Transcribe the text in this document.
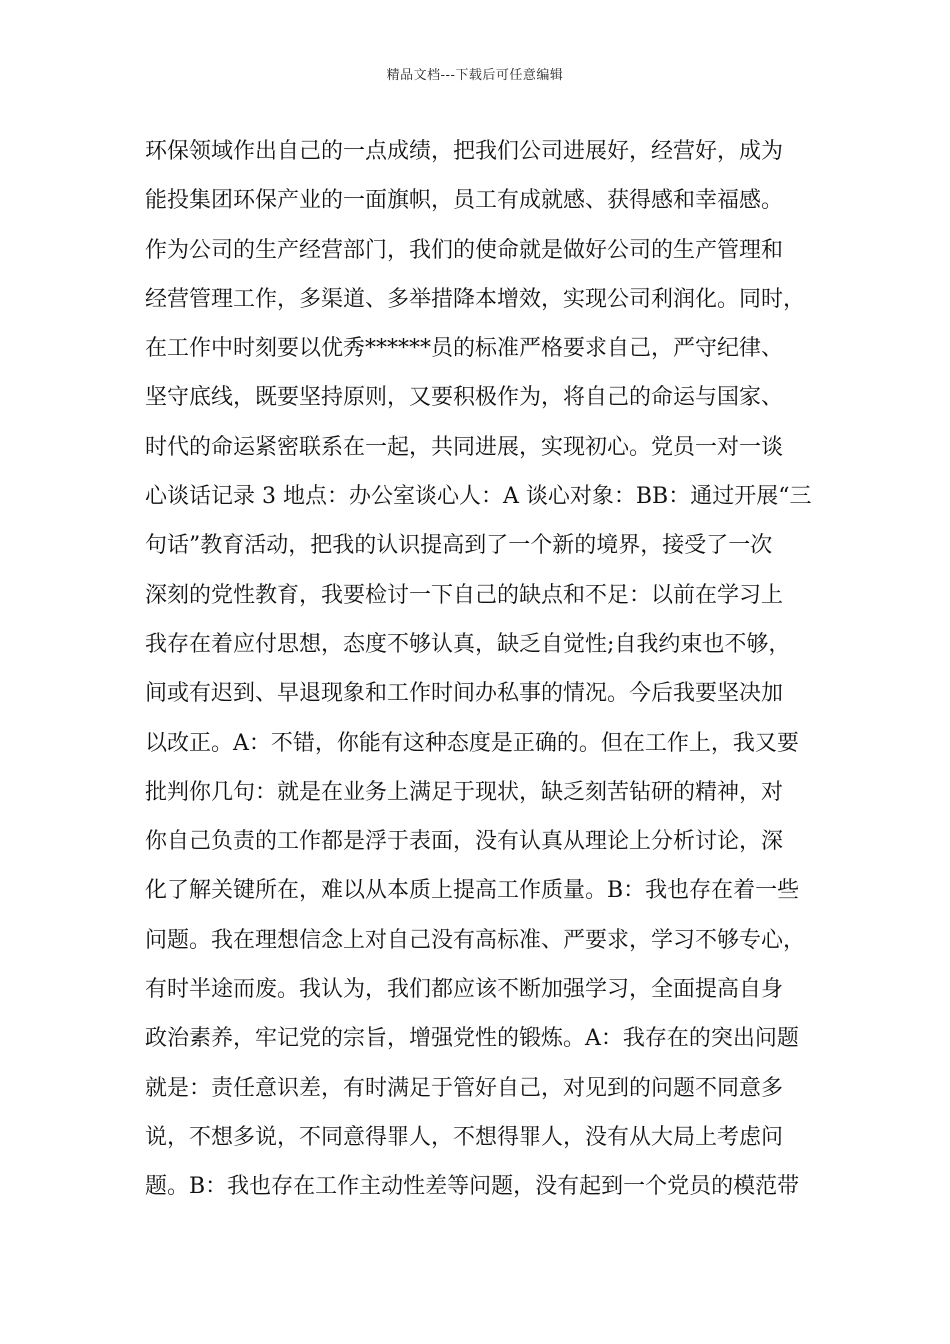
精品文档---下载后可任意编辑
环保领域作出自己的一点成绩，把我们公司进展好，经营好，成为
能投集团环保产业的一面旗帜，员工有成就感、获得感和幸福感。
作为公司的生产经营部门，我们的使命就是做好公司的生产管理和
经营管理工作，多渠道、多举措降本增效，实现公司利润化。同时，
在工作中时刻要以优秀******员的标准严格要求自己，严守纪律、
坚守底线，既要坚持原则，又要积极作为，将自己的命运与国家、
时代的命运紧密联系在一起，共同进展，实现初心。党员一对一谈
心谈话记录 3 地点：办公室谈心人：A 谈心对象：BB：通过开展“三
句话”教育活动，把我的认识提高到了一个新的境界，接受了一次
深刻的党性教育，我要检讨一下自己的缺点和不足：以前在学习上
我存在着应付思想，态度不够认真，缺乏自觉性;自我约束也不够，
间或有迟到、早退现象和工作时间办私事的情况。今后我要坚决加
以改正。A：不错，你能有这种态度是正确的。但在工作上，我又要
批判你几句：就是在业务上满足于现状，缺乏刻苦钻研的精神，对
你自己负责的工作都是浮于表面，没有认真从理论上分析讨论，深
化了解关键所在，难以从本质上提高工作质量。B：我也存在着一些
问题。我在理想信念上对自己没有高标准、严要求，学习不够专心，
有时半途而废。我认为，我们都应该不断加强学习，全面提高自身
政治素养，牢记党的宗旨，增强党性的锻炼。A：我存在的突出问题
就是：责任意识差，有时满足于管好自己，对见到的问题不同意多
说，不想多说，不同意得罪人，不想得罪人，没有从大局上考虑问
题。B：我也存在工作主动性差等问题，没有起到一个党员的模范带
